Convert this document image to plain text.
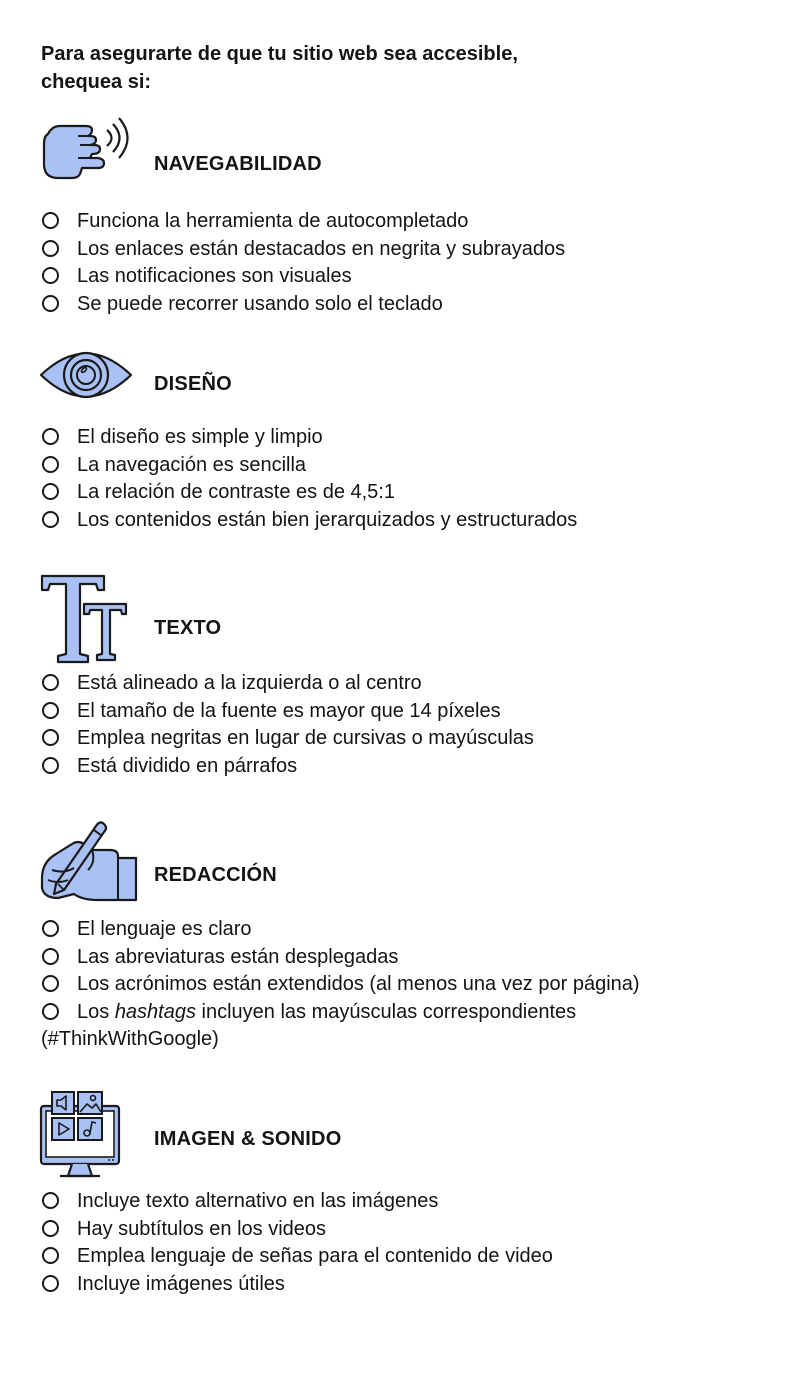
Para asegurarte de que tu sitio web sea accesible,
chequea si:

NAVEGABILIDAD
Funciona la herramienta de autocompletado
Los enlaces están destacados en negrita y subrayados
Las notificaciones son visuales
Se puede recorrer usando solo el teclado
DISEÑO
El diseño es simple y limpio
La navegación es sencilla
La relación de contraste es de 4,5:1
Los contenidos están bien jerarquizados y estructurados
TEXTO
Está alineado a la izquierda o al centro
El tamaño de la fuente es mayor que 14 píxeles
Emplea negritas en lugar de cursivas o mayúsculas
Está dividido en párrafos
REDACCIÓN
El lenguaje es claro
Las abreviaturas están desplegadas
Los acrónimos están extendidos (al menos una vez por página)
Los hashtags incluyen las mayúsculas correspondientes
(#ThinkWithGoogle)
IMAGEN & SONIDO
Incluye texto alternativo en las imágenes
Hay subtítulos en los videos
Emplea lenguaje de señas para el contenido de video
Incluye imágenes útiles
